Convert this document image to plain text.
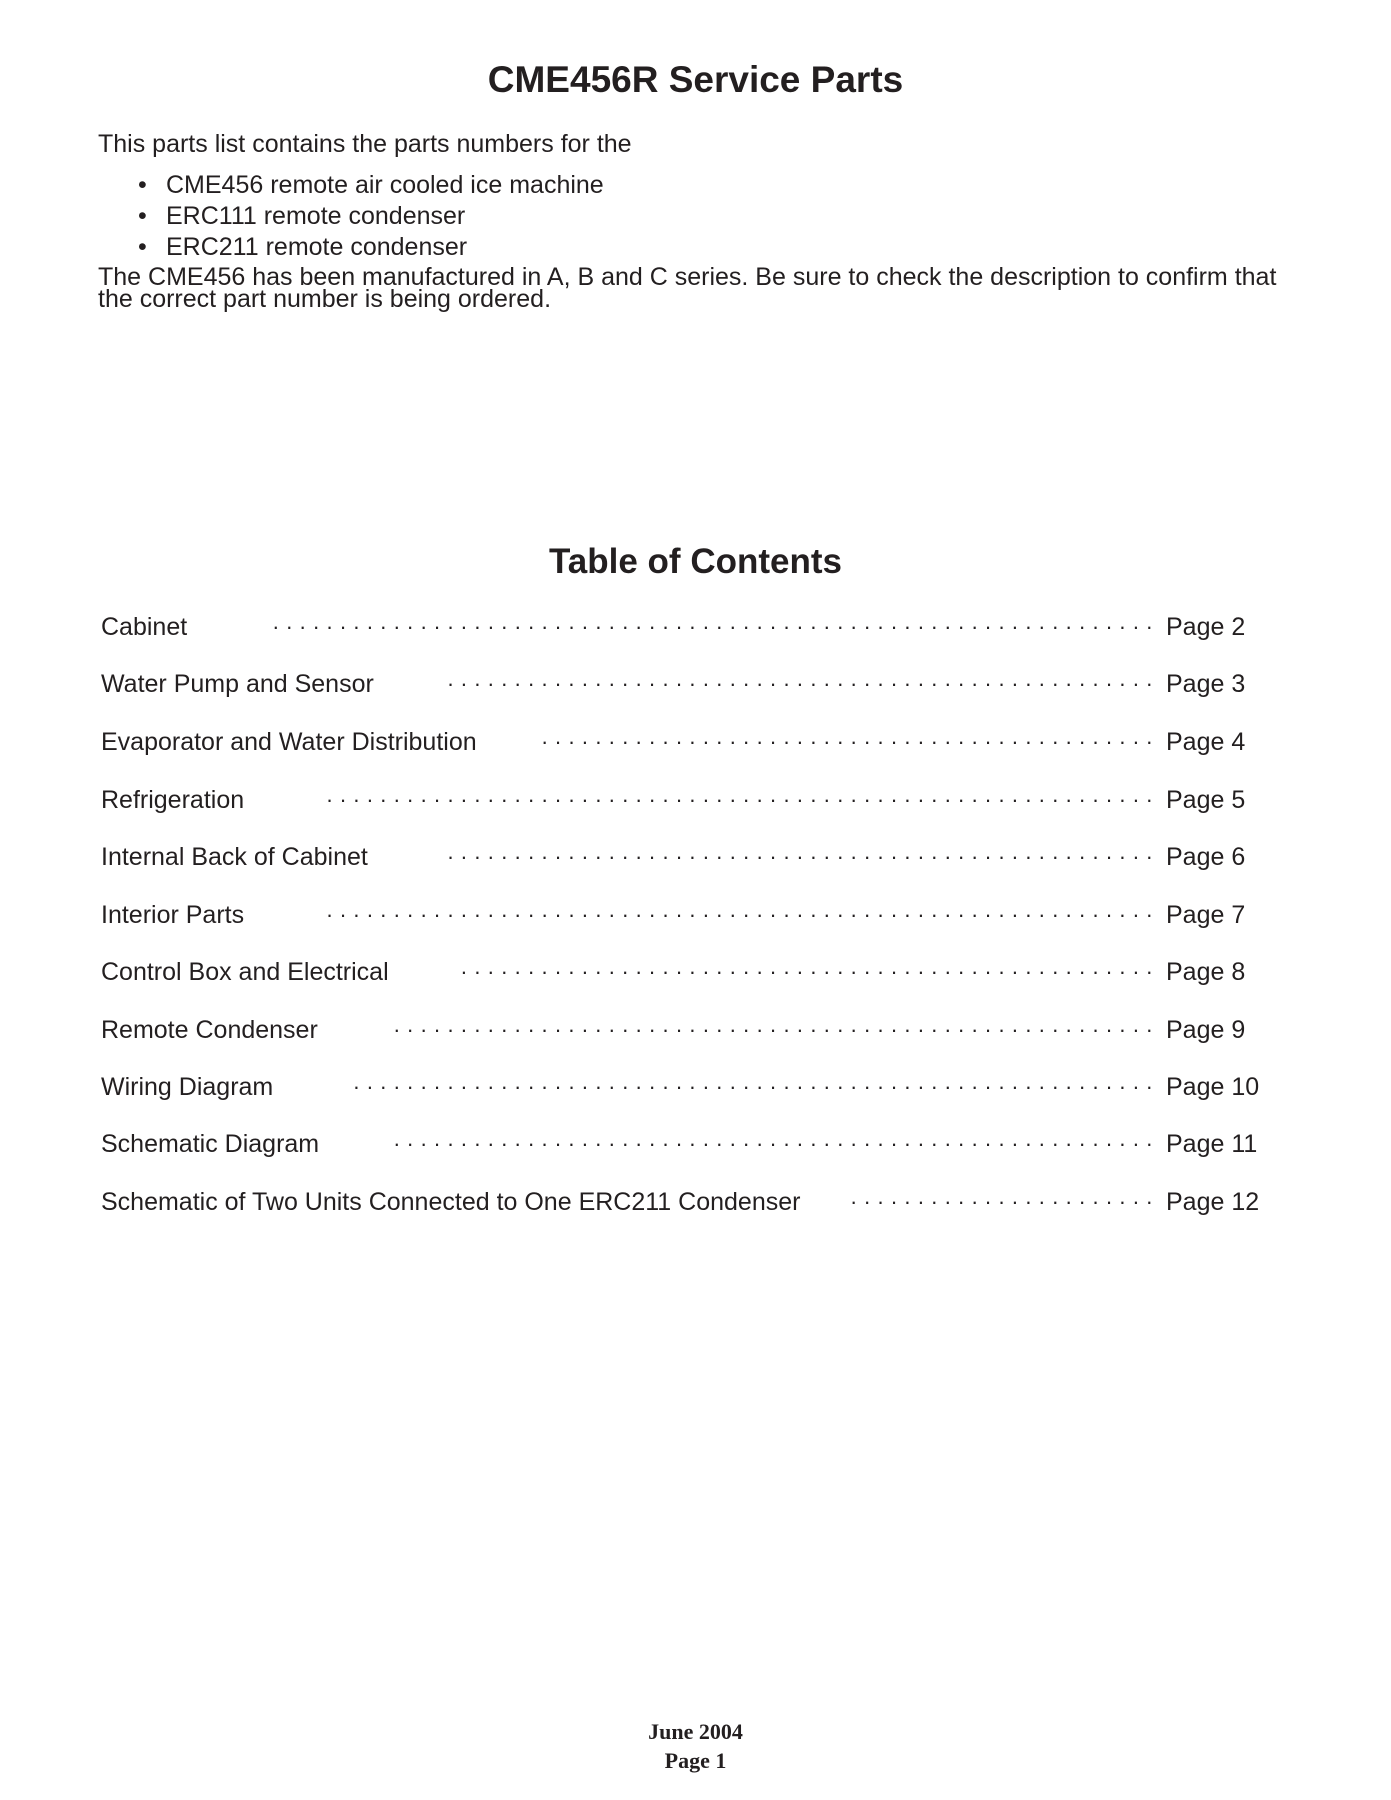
CME456R Service Parts

This parts list contains the parts numbers for the

• CME456 remote air cooled ice machine
• ERC111 remote condenser
• ERC211 remote condenser

The CME456 has been manufactured in A, B and C series. Be sure to check the description to confirm that
the correct part number is being ordered.

Table of Contents
Cabinet	· · · · · · · · · · · · · · · · · · · · · · · · · · · · · · · · · · · · · · · · · · · · · · · · · · · · · · · · · · · · · · · · · · Page 2
Water Pump and Sensor	· · · · · · · · · · · · · · · · · · · · · · · · · · · · · · · · · · · · · · · · · · · · · · · · · · · · · Page 3
Evaporator and Water Distribution	· · · · · · · · · · · · · · · · · · · · · · · · · · · · · · · · · · · · · · · · · · · · · · Page 4
Refrigeration	· · · · · · · · · · · · · · · · · · · · · · · · · · · · · · · · · · · · · · · · · · · · · · · · · · · · · · · · · · · · · · Page 5
Internal Back of Cabinet	· · · · · · · · · · · · · · · · · · · · · · · · · · · · · · · · · · · · · · · · · · · · · · · · · · · · · Page 6
Interior Parts	· · · · · · · · · · · · · · · · · · · · · · · · · · · · · · · · · · · · · · · · · · · · · · · · · · · · · · · · · · · · · · Page 7
Control Box and Electrical	· · · · · · · · · · · · · · · · · · · · · · · · · · · · · · · · · · · · · · · · · · · · · · · · · · · · Page 8
Remote Condenser	· · · · · · · · · · · · · · · · · · · · · · · · · · · · · · · · · · · · · · · · · · · · · · · · · · · · · · · · · Page 9
Wiring Diagram	· · · · · · · · · · · · · · · · · · · · · · · · · · · · · · · · · · · · · · · · · · · · · · · · · · · · · · · · · · · · Page 10
Schematic Diagram	· · · · · · · · · · · · · · · · · · · · · · · · · · · · · · · · · · · · · · · · · · · · · · · · · · · · · · · · · Page 11
Schematic of Two Units Connected to One ERC211 Condenser	· · · · · · · · · · · · · · · · · · · · · · · Page 12
June 2004
Page 1
